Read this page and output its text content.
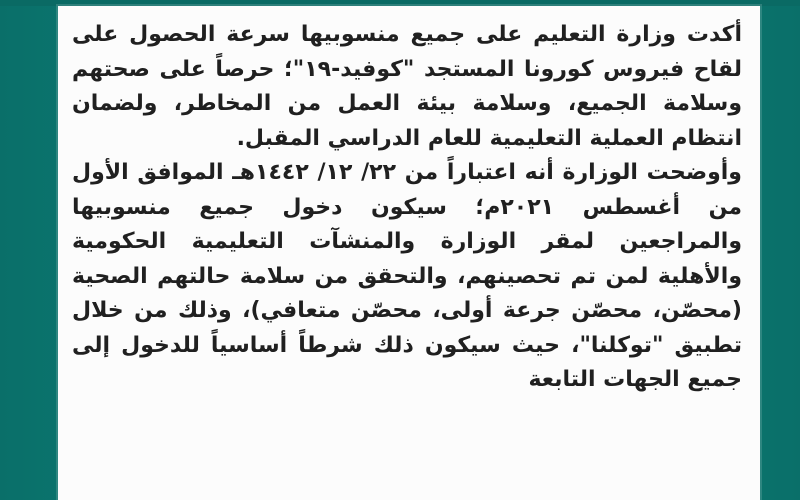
أكدت وزارة التعليم على جميع منسوبيها سرعة الحصول على لقاح فيروس كورونا المستجد "كوفيد-١٩"؛ حرصاً على صحتهم وسلامة الجميع، وسلامة بيئة العمل من المخاطر، ولضمان انتظام العملية التعليمية للعام الدراسي المقبل.

وأوضحت الوزارة أنه اعتباراً من ٢٢/ ١٢/ ١٤٤٢هـ الموافق الأول من أغسطس ٢٠٢١م؛ سيكون دخول جميع منسوبيها والمراجعين لمقر الوزارة والمنشآت التعليمية الحكومية والأهلية لمن تم تحصينهم، والتحقق من سلامة حالتهم الصحية (محصّن، محصّن جرعة أولى، محصّن متعافي)، وذلك من خلال تطبيق "توكلنا"، حيث سيكون ذلك شرطاً أساسياً للدخول إلى جميع الجهات التابعة
